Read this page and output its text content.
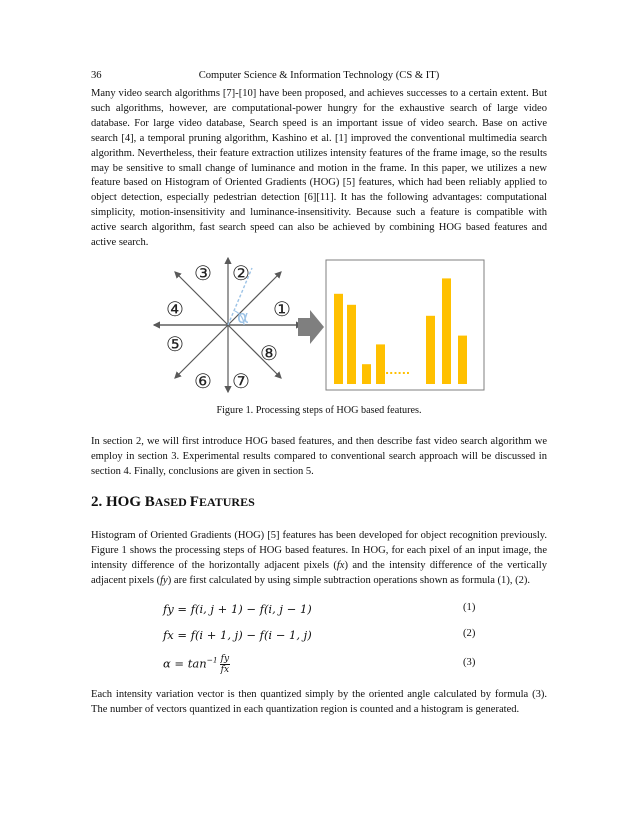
36	Computer Science & Information Technology (CS & IT)

Many video search algorithms [7]-[10] have been proposed, and achieves successes to a certain extent. But such algorithms, however, are computational-power hungry for the exhaustive search of large video database. For large video database, Search speed is an important issue of video search. Base on active search [4], a temporal pruning algorithm, Kashino et al. [1] improved the conventional multimedia search algorithm. Nevertheless, their feature extraction utilizes intensity features of the frame image, so the results may be sensitive to small change of luminance and motion in the frame. In this paper, we utilizes a new feature based on Histogram of Oriented Gradients (HOG) [5] features, which had been reliably applied to object detection, especially pedestrian detection [6][11]. It has the following advantages: computational simplicity, motion-insensitivity and luminance-insensitivity. Because such a feature is compatible with active search algorithm, fast search speed can also be achieved by combining HOG based features and active search.

α ①
②
③
④
⑤
⑥ ⑦
⑧
......
Figure 1. Processing steps of HOG based features.

In section 2, we will first introduce HOG based features, and then describe fast video search algorithm we employ in section 3. Experimental results compared to conventional search approach will be discussed in section 4. Finally, conclusions are given in section 5.

2. HOG BASED FEATURES

Histogram of Oriented Gradients (HOG) [5] features has been developed for object recognition previously. Figure 1 shows the processing steps of HOG based features. In HOG, for each pixel of an input image, the intensity difference of the horizontally adjacent pixels (fx) and the intensity difference of the vertically adjacent pixels (fy) are first calculated by using simple subtraction operations shown as formula (1), (2).

fy = f(i, j + 1) − f(i, j − 1)	(1)
fx = f(i + 1, j) − f(i − 1, j)	(2)
$\alpha = \tan^{-1} \frac{fy}{fx}$	(3)

Each intensity variation vector is then quantized simply by the oriented angle calculated by formula (3). The number of vectors quantized in each quantization region is counted and a histogram is generated.
